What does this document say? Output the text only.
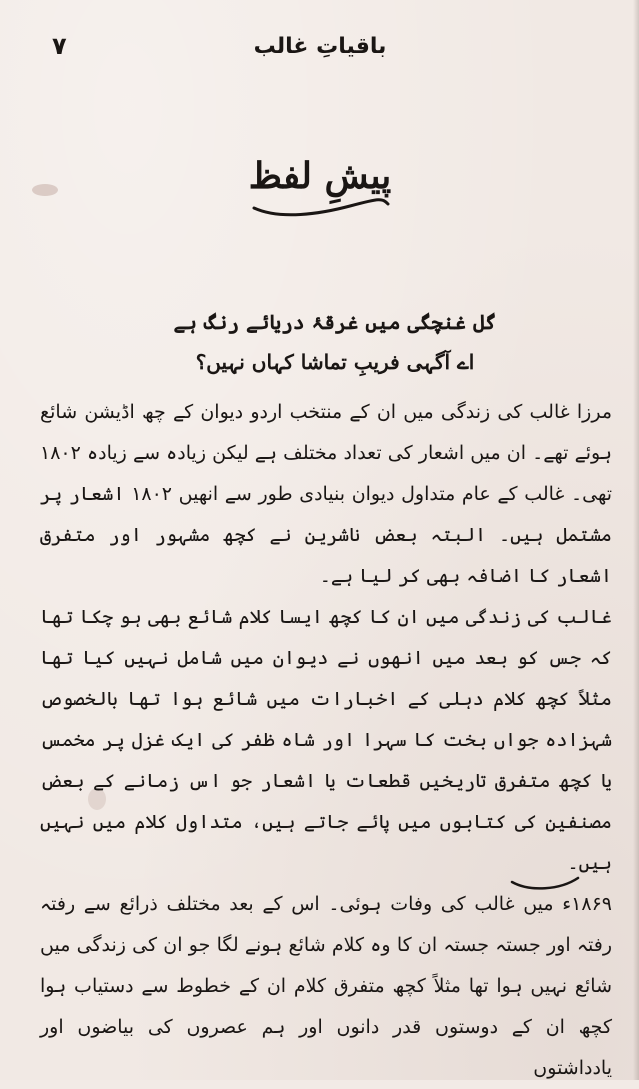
٧	باقیاتِ غالب
پیشِ لفظ
گل غنچگی میں غرقۂ دریائے رنگ ہے
اے آگہی فریبِ تماشا کہاں نہیں؟

مرزا غالب کی زندگی میں ان کے منتخب اردو دیوان کے چھ اڈیشن شائع ہوئے تھے۔ ان میں اشعار کی تعداد مختلف ہے لیکن زیادہ سے زیادہ ۱۸۰۲ تھی۔ غالب کے عام متداول دیوان بنیادی طور سے انھیں ۱۸۰۲ اشعار پر مشتمل ہیں۔ البتہ بعض ناشرین نے کچھ مشہور اور متفرق اشعار کا اضافہ بھی کر لیا ہے۔

غالب کی زندگی میں ان کا کچھ ایسا کلام شائع بھی ہو چکا تھا کہ جس کو بعد میں انھوں نے دیوان میں شامل نہیں کیا تھا مثلاً کچھ کلام دہلی کے اخبارات میں شائع ہوا تھا بالخصوص شہزادہ جواں بخت کا سہرا اور شاہ ظفر کی ایک غزل پر مخمس یا کچھ متفرق تاریخیں قطعات یا اشعار جو اس زمانے کے بعض مصنفین کی کتابوں میں پائے جاتے ہیں، متداول کلام میں نہیں ہیں۔

۱۸۶۹ء میں غالب کی وفات ہوئی۔ اس کے بعد مختلف ذرائع سے رفتہ رفتہ اور جستہ جستہ ان کا وہ کلام شائع ہونے لگا جو ان کی زندگی میں شائع نہیں ہوا تھا مثلاً کچھ متفرق کلام ان کے خطوط سے دستیاب ہوا کچھ ان کے دوستوں قدر دانوں اور ہم عصروں کی بیاضوں اور یادداشتوں
